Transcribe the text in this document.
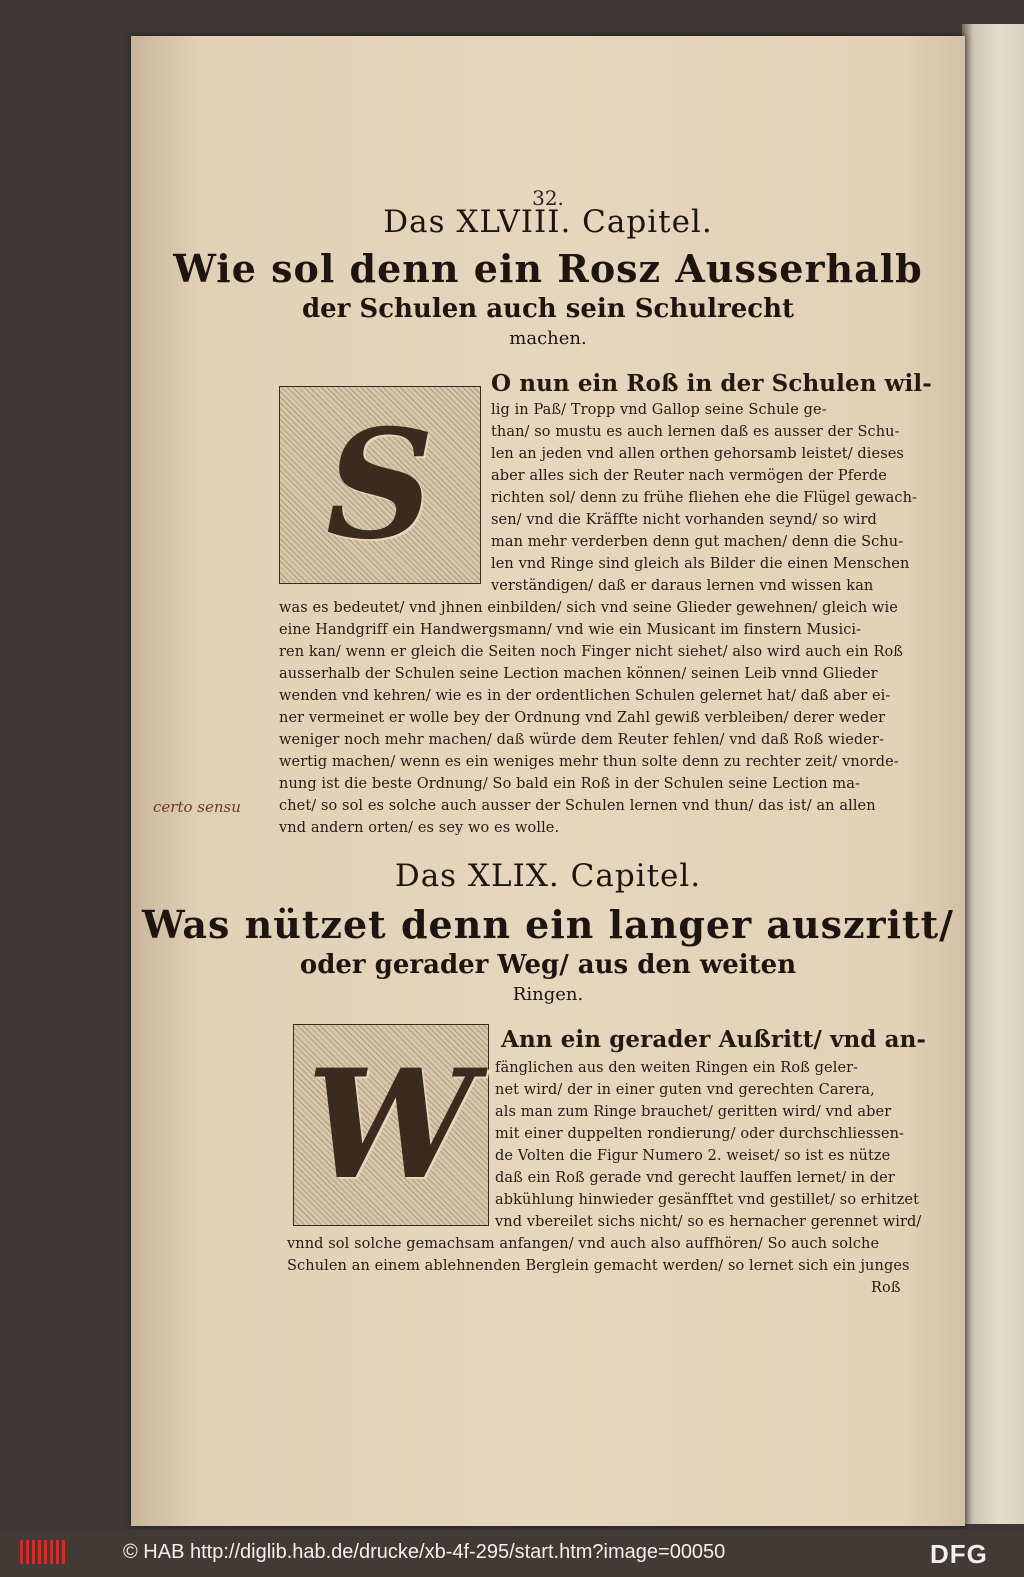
32.
Das XLVIII. Capitel.
Wie sol denn ein Rosz Ausserhalb
der Schulen auch sein Schulrecht
machen.
S
O nun ein Roß in der Schulen wil-
lig in Paß/ Tropp vnd Gallop seine Schule ge-
than/ so mustu es auch lernen daß es ausser der Schu-
len an jeden vnd allen orthen gehorsamb leistet/ dieses
aber alles sich der Reuter nach vermögen der Pferde
richten sol/ denn zu frühe fliehen ehe die Flügel gewach-
sen/ vnd die Kräffte nicht vorhanden seynd/ so wird
man mehr verderben denn gut machen/ denn die Schu-
len vnd Ringe sind gleich als Bilder die einen Menschen
verständigen/ daß er daraus lernen vnd wissen kan
was es bedeutet/ vnd jhnen einbilden/ sich vnd seine Glieder gewehnen/ gleich wie
eine Handgriff ein Handwergsmann/ vnd wie ein Musicant im finstern Musici-
ren kan/ wenn er gleich die Seiten noch Finger nicht siehet/ also wird auch ein Roß
ausserhalb der Schulen seine Lection machen können/ seinen Leib vnnd Glieder
wenden vnd kehren/ wie es in der ordentlichen Schulen gelernet hat/ daß aber ei-
ner vermeinet er wolle bey der Ordnung vnd Zahl gewiß verbleiben/ derer weder
weniger noch mehr machen/ daß würde dem Reuter fehlen/ vnd daß Roß wieder-
wertig machen/ wenn es ein weniges mehr thun solte denn zu rechter zeit/ vnorde-
nung ist die beste Ordnung/ So bald ein Roß in der Schulen seine Lection ma-
chet/ so sol es solche auch ausser der Schulen lernen vnd thun/ das ist/ an allen
vnd andern orten/ es sey wo es wolle.
Das XLIX. Capitel.
Was nützet denn ein langer auszritt/
oder gerader Weg/ aus den weiten
Ringen.
W Ann ein gerader Außritt/ vnd an-
fänglichen aus den weiten Ringen ein Roß geler-
net wird/ der in einer guten vnd gerechten Carera,
als man zum Ringe brauchet/ geritten wird/ vnd aber
mit einer duppelten rondierung/ oder durchschliessen-
de Volten die Figur Numero 2. weiset/ so ist es nütze
daß ein Roß gerade vnd gerecht lauffen lernet/ in der
abkühlung hinwieder gesänfftet vnd gestillet/ so erhitzet
vnd vbereilet sichs nicht/ so es hernacher gerennet wird/
vnnd sol solche gemachsam anfangen/ vnd auch also auffhören/ So auch solche
Schulen an einem ablehnenden Berglein gemacht werden/ so lernet sich ein junges
Roß
certo sensu
© HAB http://diglib.hab.de/drucke/xb-4f-295/start.htm?image=00050	DFG
